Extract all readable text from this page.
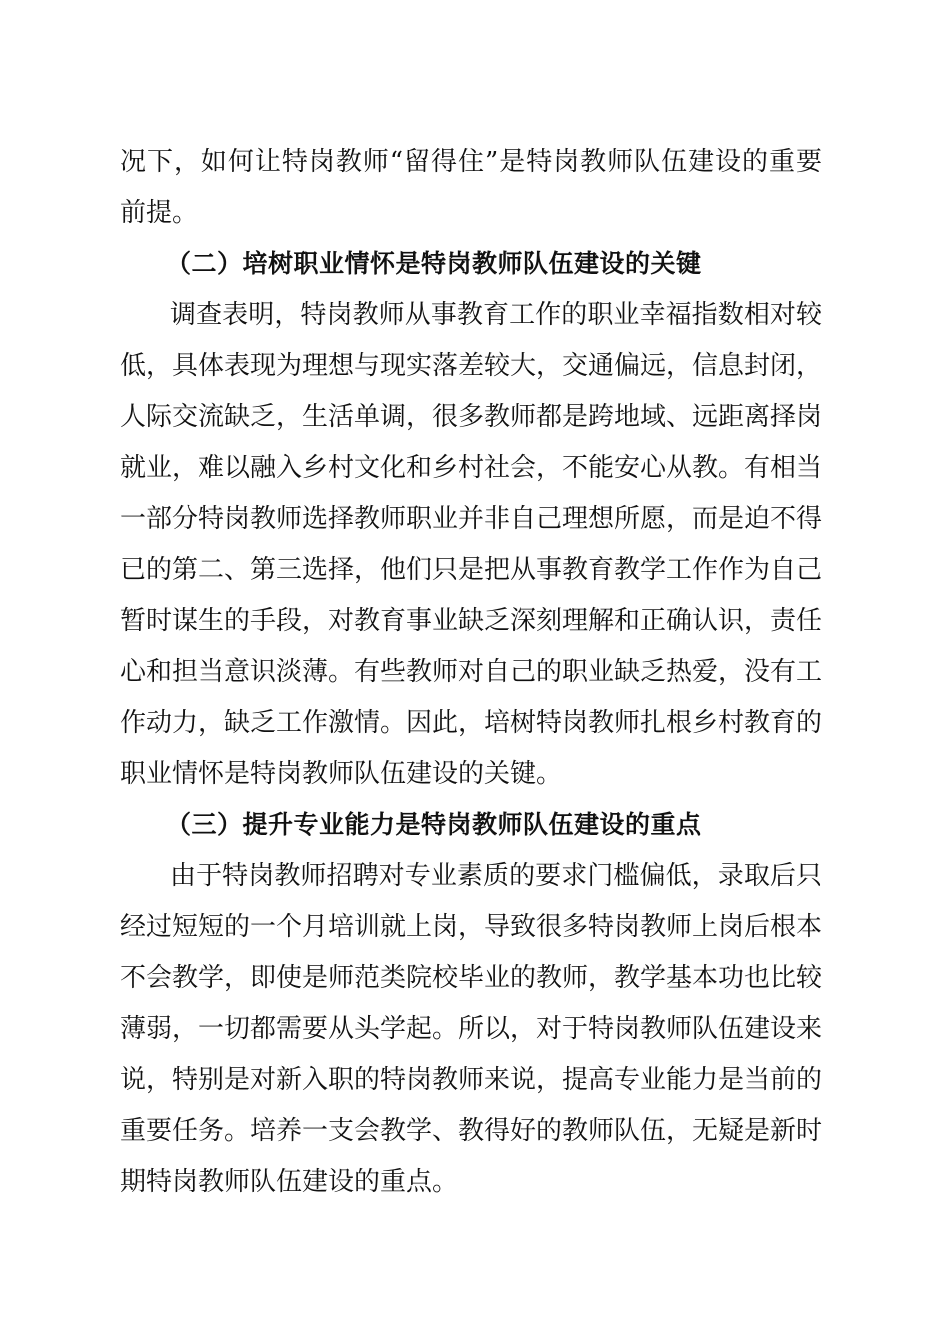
况下，如何让特岗教师“留得住”是特岗教师队伍建设的重要
前提。
（二）培树职业情怀是特岗教师队伍建设的关键
调查表明，特岗教师从事教育工作的职业幸福指数相对较
低，具体表现为理想与现实落差较大，交通偏远，信息封闭，
人际交流缺乏，生活单调，很多教师都是跨地域、远距离择岗
就业，难以融入乡村文化和乡村社会，不能安心从教。有相当
一部分特岗教师选择教师职业并非自己理想所愿，而是迫不得
已的第二、第三选择，他们只是把从事教育教学工作作为自己
暂时谋生的手段，对教育事业缺乏深刻理解和正确认识，责任
心和担当意识淡薄。有些教师对自己的职业缺乏热爱，没有工
作动力，缺乏工作激情。因此，培树特岗教师扎根乡村教育的
职业情怀是特岗教师队伍建设的关键。
（三）提升专业能力是特岗教师队伍建设的重点
由于特岗教师招聘对专业素质的要求门槛偏低，录取后只
经过短短的一个月培训就上岗，导致很多特岗教师上岗后根本
不会教学，即使是师范类院校毕业的教师，教学基本功也比较
薄弱，一切都需要从头学起。所以，对于特岗教师队伍建设来
说，特别是对新入职的特岗教师来说，提高专业能力是当前的
重要任务。培养一支会教学、教得好的教师队伍，无疑是新时
期特岗教师队伍建设的重点。
